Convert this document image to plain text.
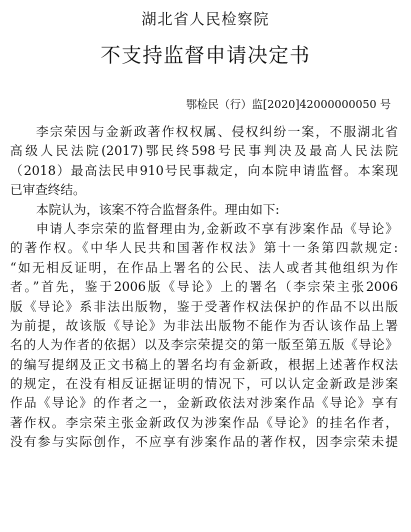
湖北省人民检察院
不支持监督申请决定书
鄂检民（行）监[2020]42000000050 号
李宗荣因与金新政著作权权属、侵权纠纷一案，不服湖北省
高级人民法院(2017)鄂民终598号民事判决及最高人民法院
（2018）最高法民申910号民事裁定，向本院申请监督。本案现
已审查终结。
本院认为，该案不符合监督条件。理由如下:
申请人李宗荣的监督理由为,金新政不享有涉案作品《导论》
的著作权。《中华人民共和国著作权法》第十一条第四款规定:
“如无相反证明，在作品上署名的公民、法人或者其他组织为作
者。”首先，鉴于2006版《导论》上的署名（李宗荣主张2006
版《导论》系非法出版物，鉴于受著作权法保护的作品不以出版
为前提，故该版《导论》为非法出版物不能作为否认该作品上署
名的人为作者的依据）以及李宗荣提交的第一版至第五版《导论》
的编写提纲及正文书稿上的署名均有金新政，根据上述著作权法
的规定，在没有相反证据证明的情况下，可以认定金新政是涉案
作品《导论》的作者之一，金新政依法对涉案作品《导论》享有
著作权。李宗荣主张金新政仅为涉案作品《导论》的挂名作者，
没有参与实际创作，不应享有涉案作品的著作权，因李宗荣未提
